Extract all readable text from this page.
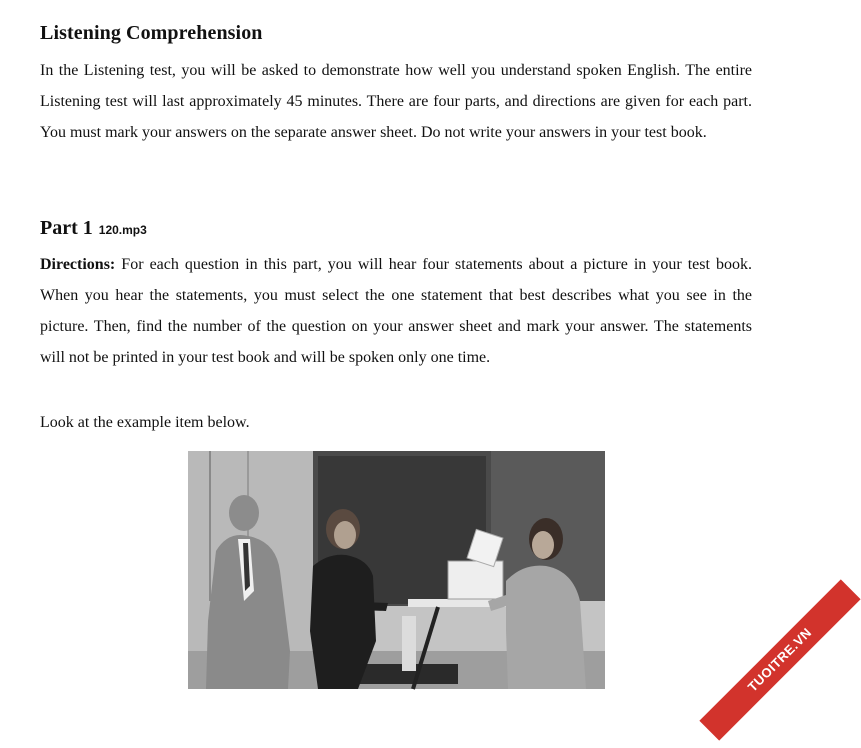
Listening Comprehension

In the Listening test, you will be asked to demonstrate how well you understand spoken English. The entire Listening test will last approximately 45 minutes. There are four parts, and directions are given for each part. You must mark your answers on the separate answer sheet. Do not write your answers in your test book.

Part 1 120.mp3

Directions: For each question in this part, you will hear four statements about a picture in your test book. When you hear the statements, you must select the one statement that best describes what you see in the picture. Then, find the number of the question on your answer sheet and mark your answer. The statements will not be printed in your test book and will be spoken only one time.

Look at the example item below.

TUOITRE.VN
